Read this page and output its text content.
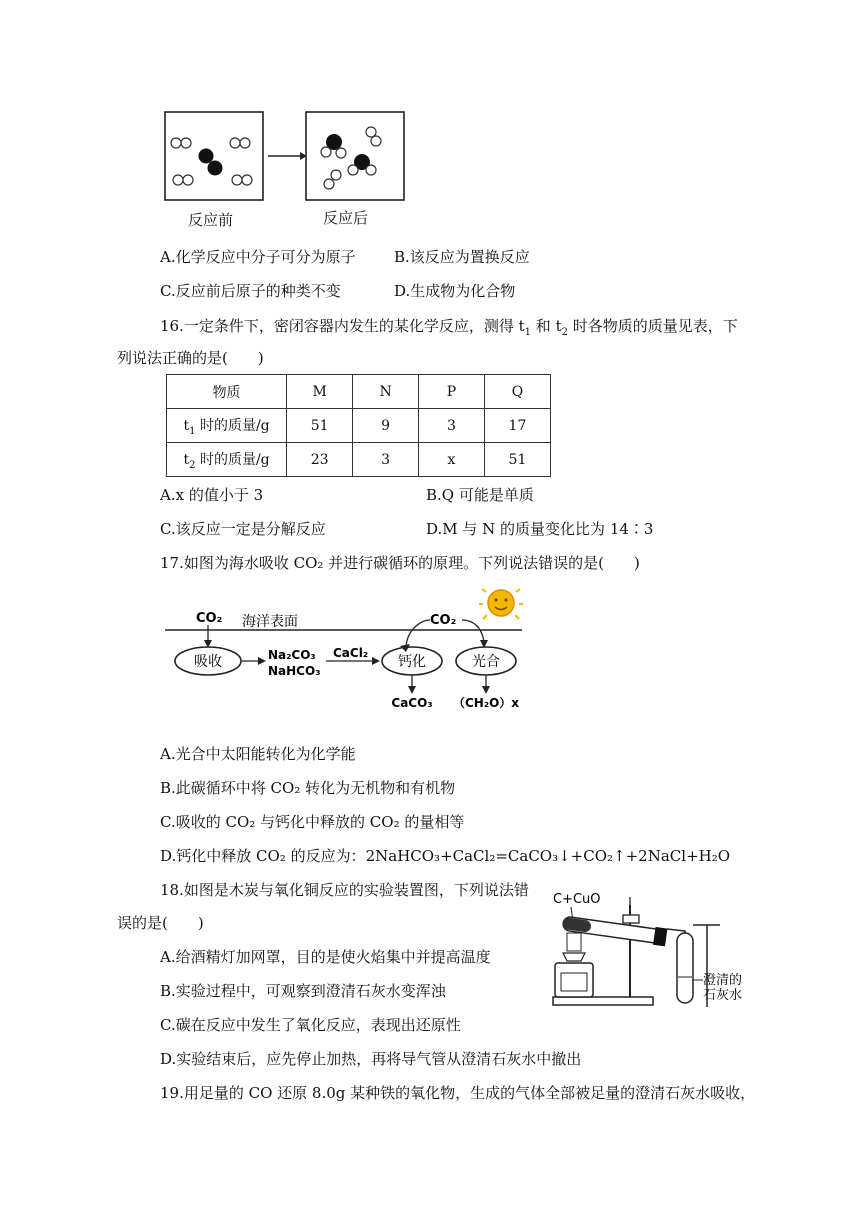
反应前	反应后
A.化学反应中分子可分为原子	B.该反应为置换反应
C.反应前后原子的种类不变	D.生成物为化合物
16.一定条件下，密闭容器内发生的某化学反应，测得 $t_1$ 和 $t_2$ 时各物质的质量见表，下
列说法正确的是(　　)
物质	M	N	P	Q
$t_1$ 时的质量/g	51	9	3	17
$t_2$ 时的质量/g	23	3	x	51
A.x 的值小于 3	B.Q 可能是单质
C.该反应一定是分解反应	D.M 与 N 的质量变化比为 14∶3
17.如图为海水吸收 CO₂ 并进行碳循环的原理。下列说法错误的是(　　)
CO₂ 海洋表面
吸收	Na₂CO₃
NaHCO₃
CaCl₂
钙化
CO₂
光合
CaCO₃ （CH₂O）x
A.光合中太阳能转化为化学能
B.此碳循环中将 CO₂ 转化为无机物和有机物
C.吸收的 CO₂ 与钙化中释放的 CO₂ 的量相等
D.钙化中释放 CO₂ 的反应为：2NaHCO₃+CaCl₂=CaCO₃↓+CO₂↑+2NaCl+H₂O
18.如图是木炭与氧化铜反应的实验装置图，下列说法错
误的是(　　)
C+CuO
澄清的
石灰水
A.给酒精灯加网罩，目的是使火焰集中并提高温度
B.实验过程中，可观察到澄清石灰水变浑浊
C.碳在反应中发生了氧化反应，表现出还原性
D.实验结束后，应先停止加热，再将导气管从澄清石灰水中撤出
19.用足量的 CO 还原 8.0g 某种铁的氧化物，生成的气体全部被足量的澄清石灰水吸收，
